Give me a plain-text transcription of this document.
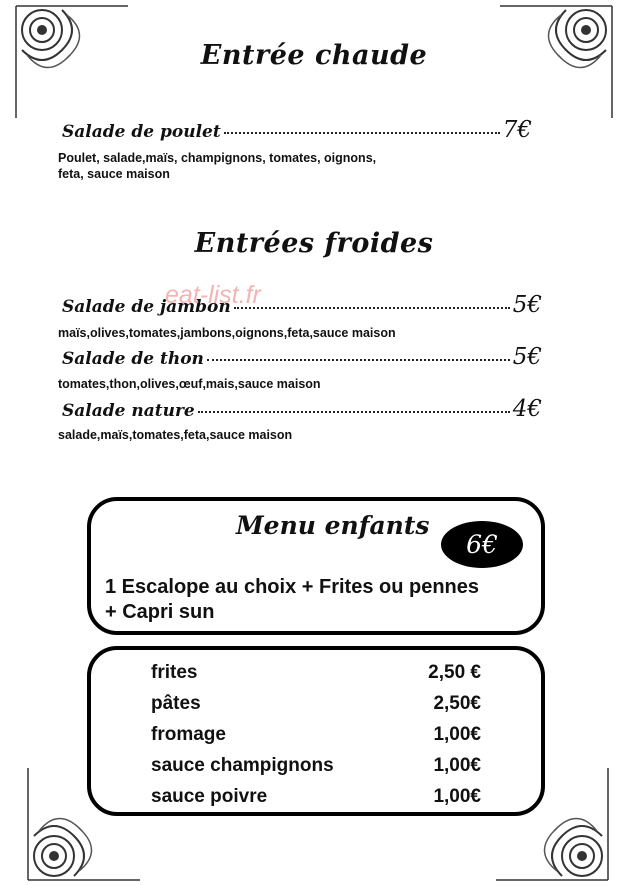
Entrée chaude
Salade de poulet	7€
Poulet, salade,maïs, champignons, tomates, oignons,
feta, sauce maison
Entrées froides
Salade de jambon	5€
maïs,olives,tomates,jambons,oignons,feta,sauce maison
eat-list.fr
Salade de thon	5€
tomates,thon,olives,œuf,mais,sauce maison
Salade nature	4€
salade,maïs,tomates,feta,sauce maison
Menu enfants
6€
1 Escalope au choix + Frites ou pennes
+ Capri sun
frites	2,50 €
pâtes	2,50€
fromage	1,00€
sauce champignons	1,00€
sauce poivre	1,00€
